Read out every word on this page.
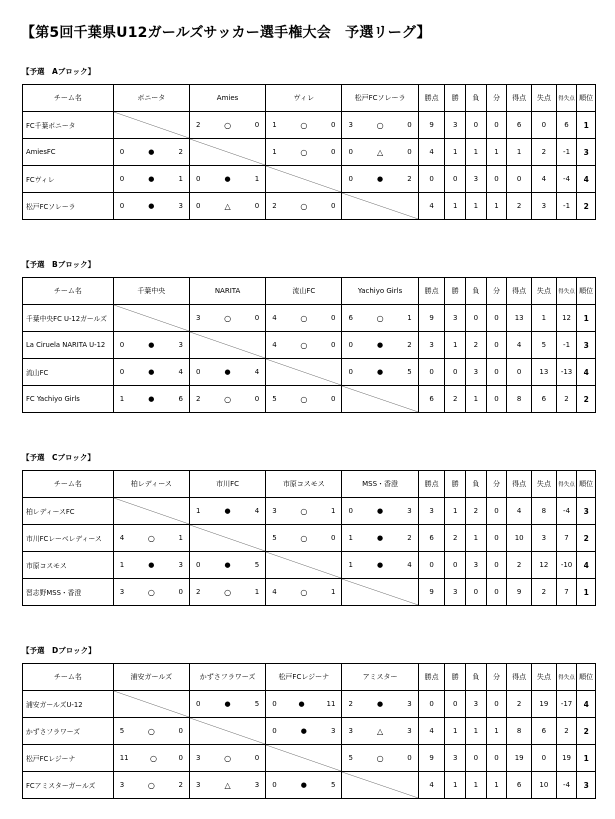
【第5回千葉県U12ガールズサッカー選手権大会　予選リーグ】
【予選　Aブロック】
チーム名	ボニータ	Amies	ヴィレ	松戸FCソレーラ	勝点	勝	負	分	得点	失点	得失点	順位
FC千葉ボニータ		2 ○ 0	1 ○ 0	3 ○ 0	9	3	0	0	6	0	6	1
AmiesFC	0 ● 2		1 ○ 0	0 △ 0	4	1	1	1	1	2	-1	3
FCヴィレ	0 ● 1	0 ● 1		0 ● 2	0	0	3	0	0	4	-4	4
松戸FCソレーラ	0 ● 3	0 △ 0	2 ○ 0		4	1	1	1	2	3	-1	2
【予選　Bブロック】
チーム名	千葉中央	NARITA	流山FC	Yachiyo Girls	勝点	勝	負	分	得点	失点	得失点	順位
千葉中央FC U-12ガールズ		3 ○ 0	4 ○ 0	6 ○ 1	9	3	0	0	13	1	12	1
La Ciruela NARITA U-12	0 ● 3		4 ○ 0	0 ● 2	3	1	2	0	4	5	-1	3
流山FC	0 ● 4	0 ● 4		0 ● 5	0	0	3	0	0	13	-13	4
FC Yachiyo Girls	1 ● 6	2 ○ 0	5 ○ 0		6	2	1	0	8	6	2	2
【予選　Cブロック】
チーム名	柏レディース	市川FC	市原コスモス	MSS・香澄	勝点	勝	負	分	得点	失点	得失点	順位
柏レディースFC		1 ● 4	3 ○ 1	0 ● 3	3	1	2	0	4	8	-4	3
市川FCレーベレディース	4 ○ 1		5 ○ 0	1 ● 2	6	2	1	0	10	3	7	2
市原コスモス	1 ● 3	0 ● 5		1 ● 4	0	0	3	0	2	12	-10	4
習志野MSS・香澄	3 ○ 0	2 ○ 1	4 ○ 1		9	3	0	0	9	2	7	1
【予選　Dブロック】
チーム名	浦安ガールズ	かずさフラワーズ	松戸FCレジーナ	アミスター	勝点	勝	負	分	得点	失点	得失点	順位
浦安ガールズU-12		0 ● 5	0 ● 11	2 ● 3	0	0	3	0	2	19	-17	4
かずさフラワーズ	5 ○ 0		0 ● 3	3 △ 3	4	1	1	1	8	6	2	2
松戸FCレジーナ	11 ○ 0	3 ○ 0		5 ○ 0	9	3	0	0	19	0	19	1
FCアミスターガールズ	3 ○ 2	3 △ 3	0 ● 5		4	1	1	1	6	10	-4	3
